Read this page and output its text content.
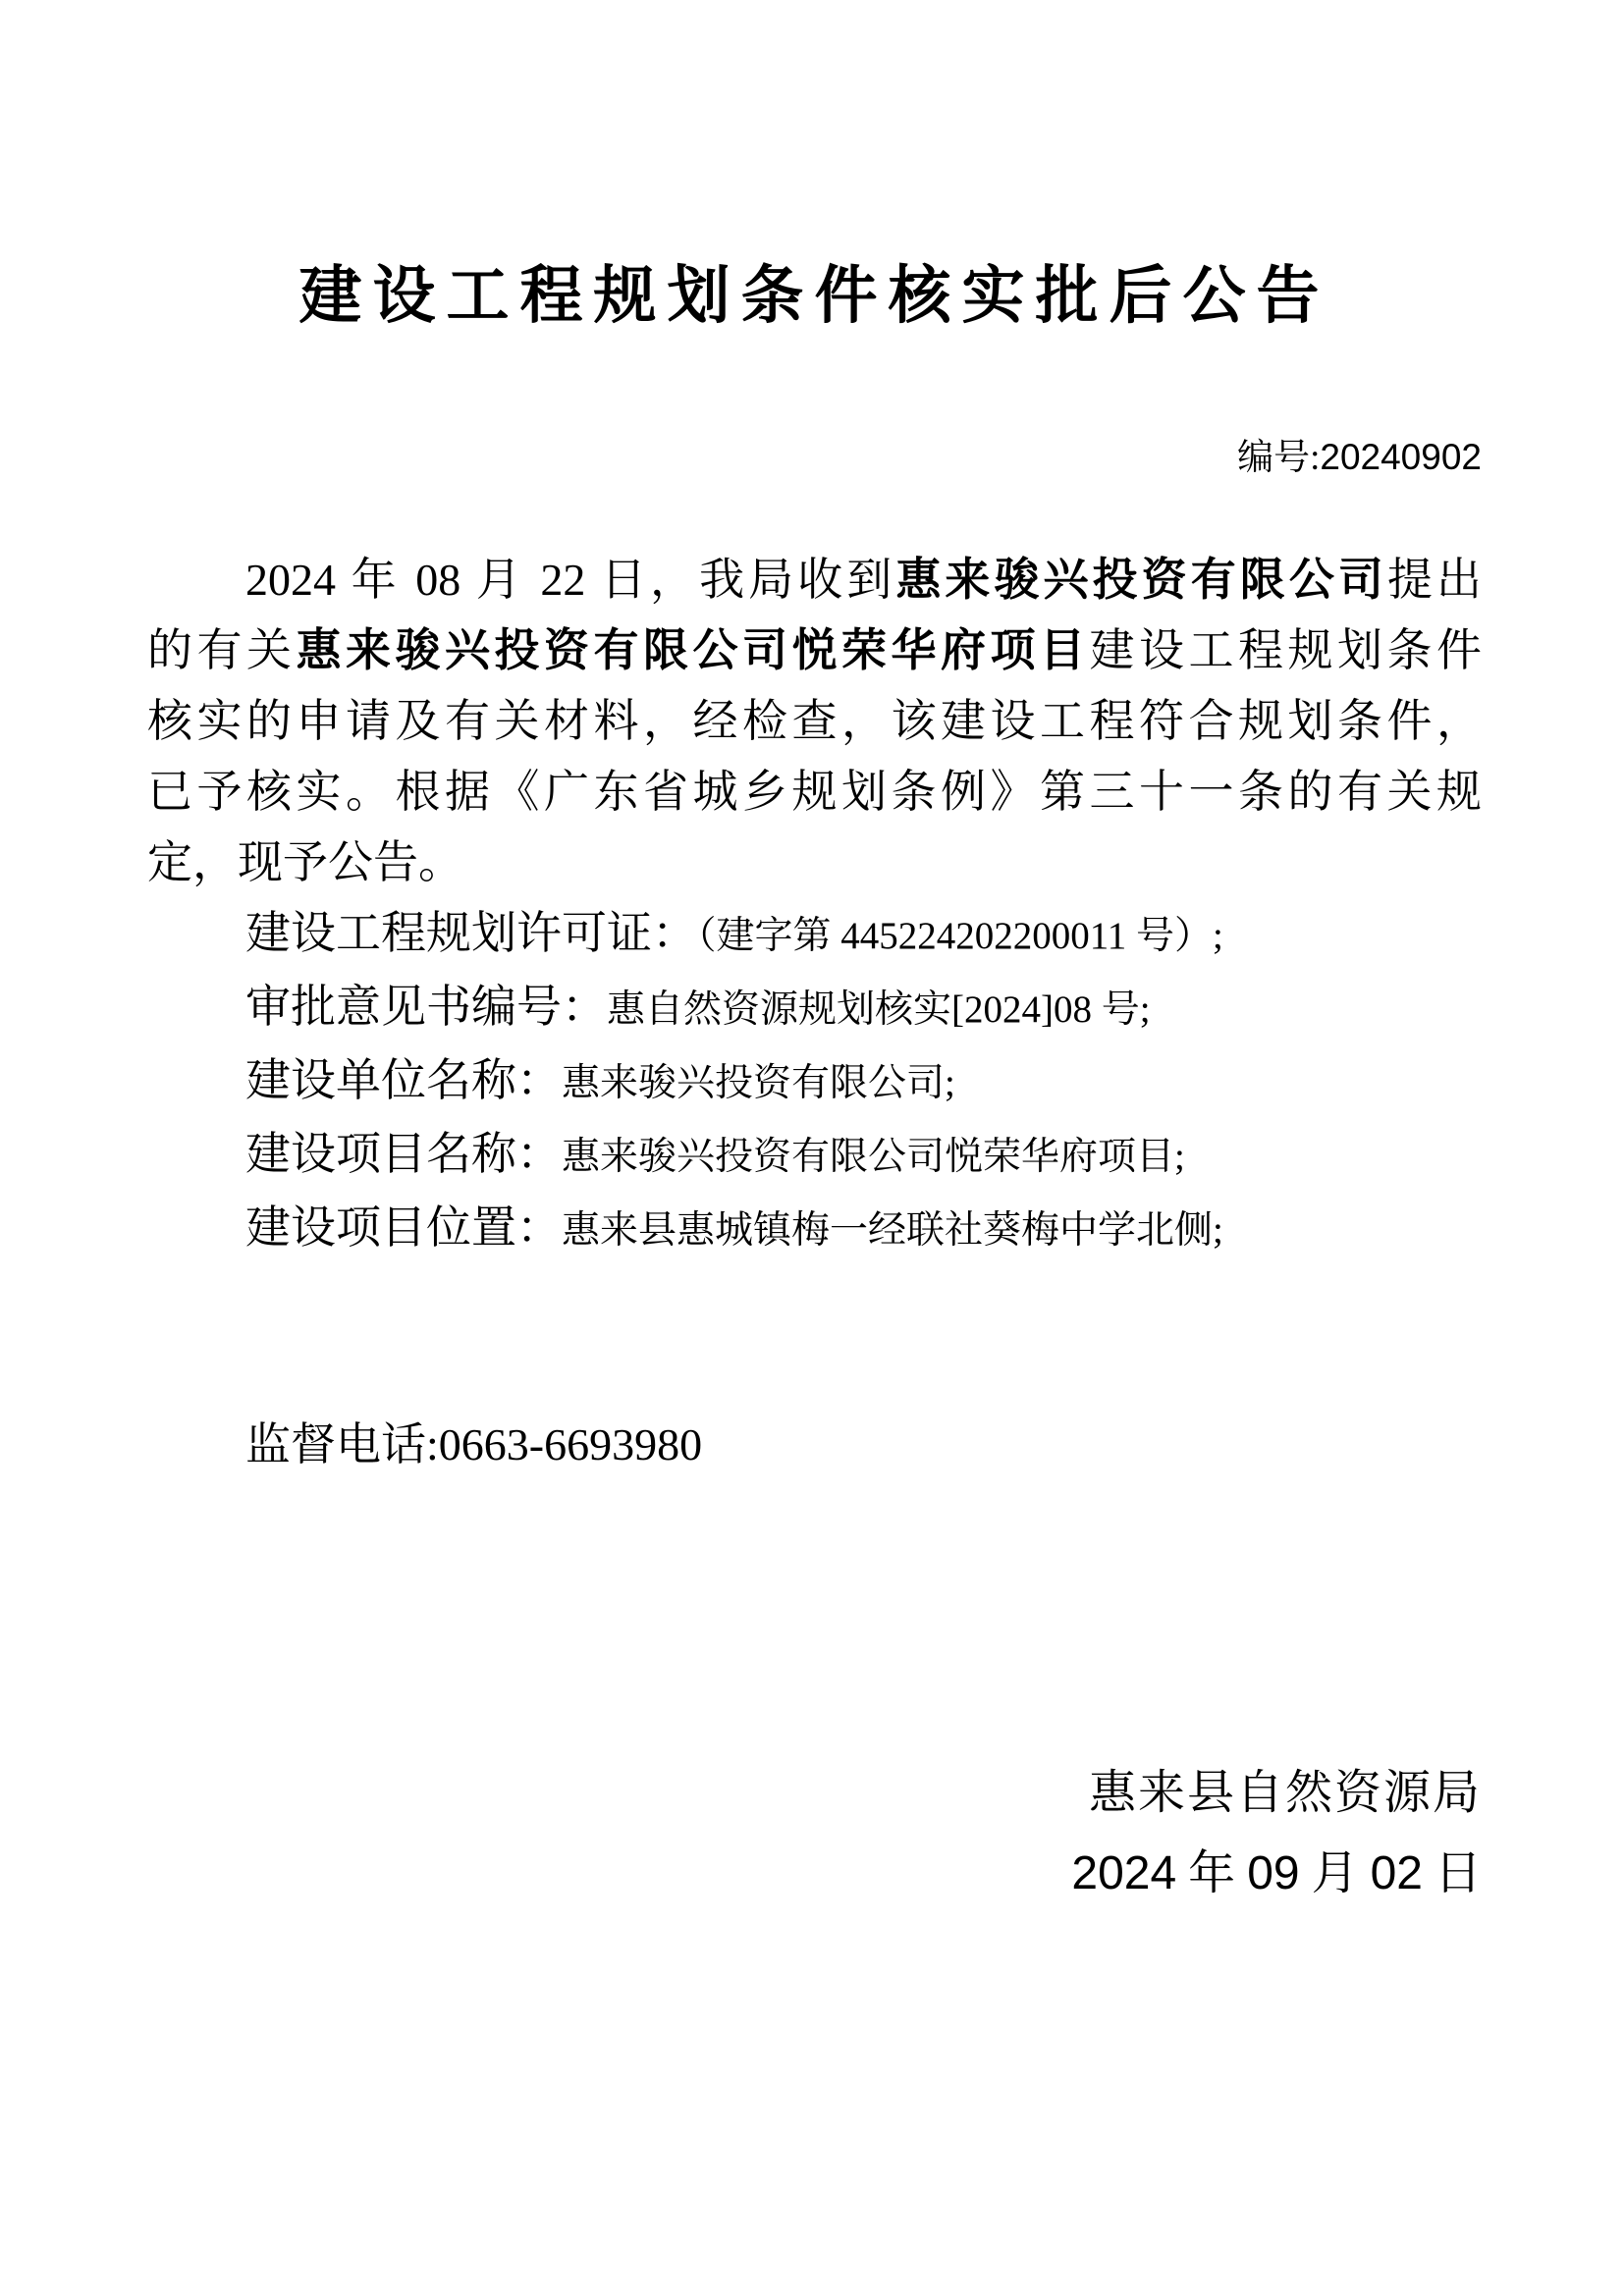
建设工程规划条件核实批后公告
编号:20240902
2024 年 08 月 22 日，我局收到惠来骏兴投资有限公司提出
的有关惠来骏兴投资有限公司悦荣华府项目建设工程规划条件
核实的申请及有关材料，经检查，该建设工程符合规划条件，
已予核实。根据《广东省城乡规划条例》第三十一条的有关规
定，现予公告。
建设工程规划许可证：（建字第 445224202200011 号）;
审批意见书编号：惠自然资源规划核实[2024]08 号;
建设单位名称：惠来骏兴投资有限公司;
建设项目名称：惠来骏兴投资有限公司悦荣华府项目;
建设项目位置：惠来县惠城镇梅一经联社葵梅中学北侧;
监督电话:0663-6693980
惠来县自然资源局
2024 年 09 月 02 日
